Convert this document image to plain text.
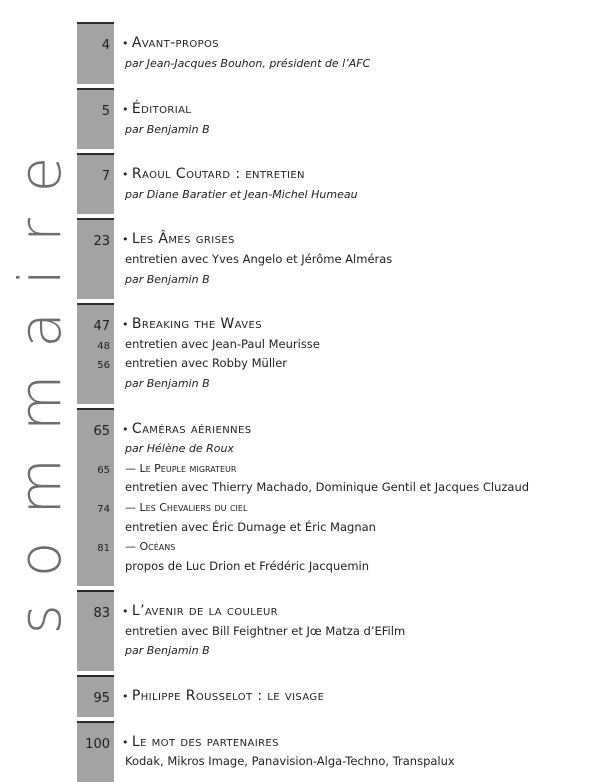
sommaire
4 • Avant-propos
par Jean-Jacques Bouhon, président de l’AFC
5 • Éditorial
par Benjamin B
7 • Raoul Coutard : entretien
par Diane Baratier et Jean-Michel Humeau
23 • Les Âmes grises
entretien avec Yves Angelo et Jérôme Alméras
par Benjamin B
47
48
56
• Breaking the Waves
entretien avec Jean-Paul Meurisse
entretien avec Robby Müller
par Benjamin B
65
65
74
81
• Caméras aériennes
par Hélène de Roux
— Le Peuple migrateur
entretien avec Thierry Machado, Dominique Gentil et Jacques Cluzaud
— Les Chevaliers du ciel
entretien avec Éric Dumage et Éric Magnan
— Océans
propos de Luc Drion et Frédéric Jacquemin
83 • L’avenir de la couleur
entretien avec Bill Feightner et Jœ Matza d’EFilm
par Benjamin B
95 • Philippe Rousselot : le visage
100 • Le mot des partenaires
Kodak, Mikros Image, Panavision-Alga-Techno, Transpalux
